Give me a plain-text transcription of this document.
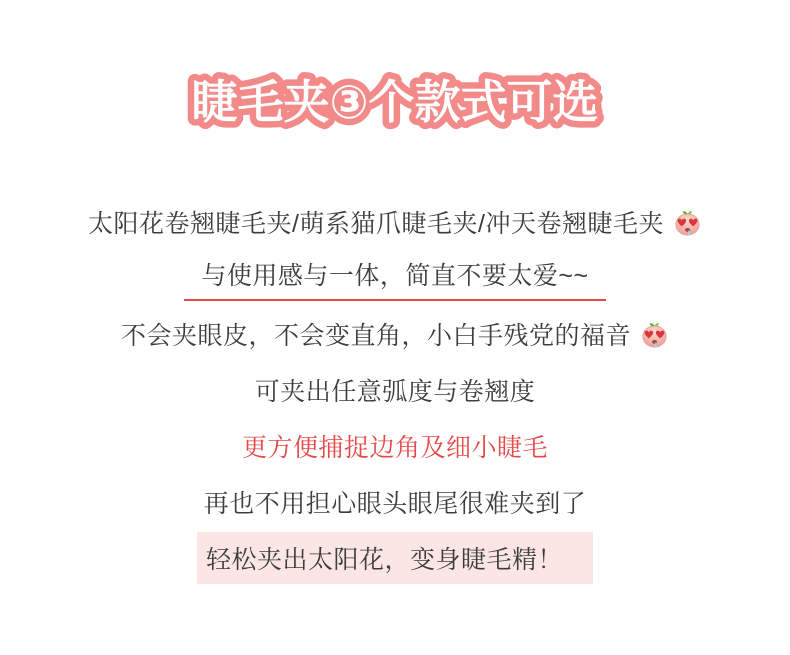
睫毛夹③个款式可选
太阳花卷翘睫毛夹/萌系猫爪睫毛夹/冲天卷翘睫毛夹
与使用感与一体，简直不要太爱~~
不会夹眼皮，不会变直角，小白手残党的福音
可夹出任意弧度与卷翘度
更方便捕捉边角及细小睫毛
再也不用担心眼头眼尾很难夹到了
轻松夹出太阳花，变身睫毛精！
